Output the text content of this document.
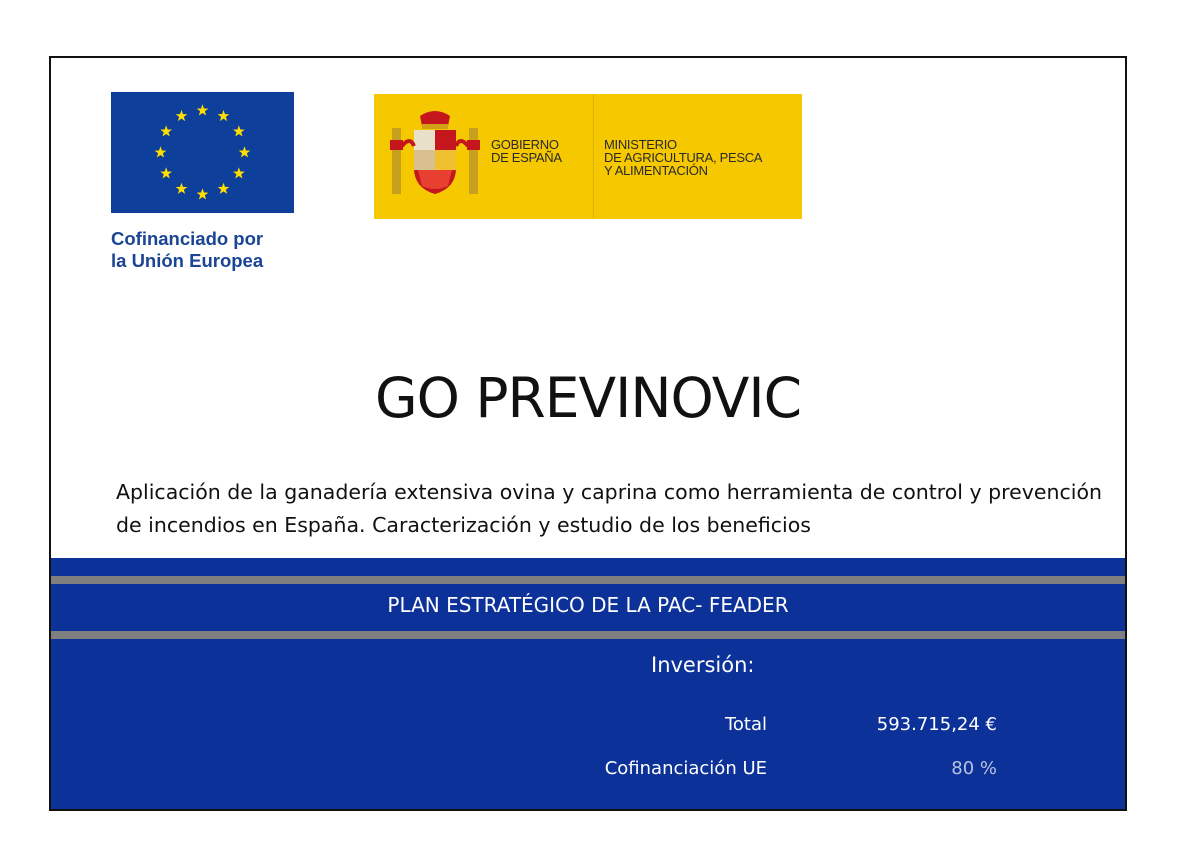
Cofinanciado por
la Unión Europea
GOBIERNO
DE ESPAÑA
MINISTERIO
DE AGRICULTURA, PESCA
Y ALIMENTACIÓN
GO PREVINOVIC
Aplicación de la ganadería extensiva ovina y caprina como herramienta de control y prevención de incendios en España. Caracterización y estudio de los beneficios
PLAN ESTRATÉGICO DE LA PAC- FEADER
Inversión:
Total	593.715,24 €
Cofinanciación UE	80 %
